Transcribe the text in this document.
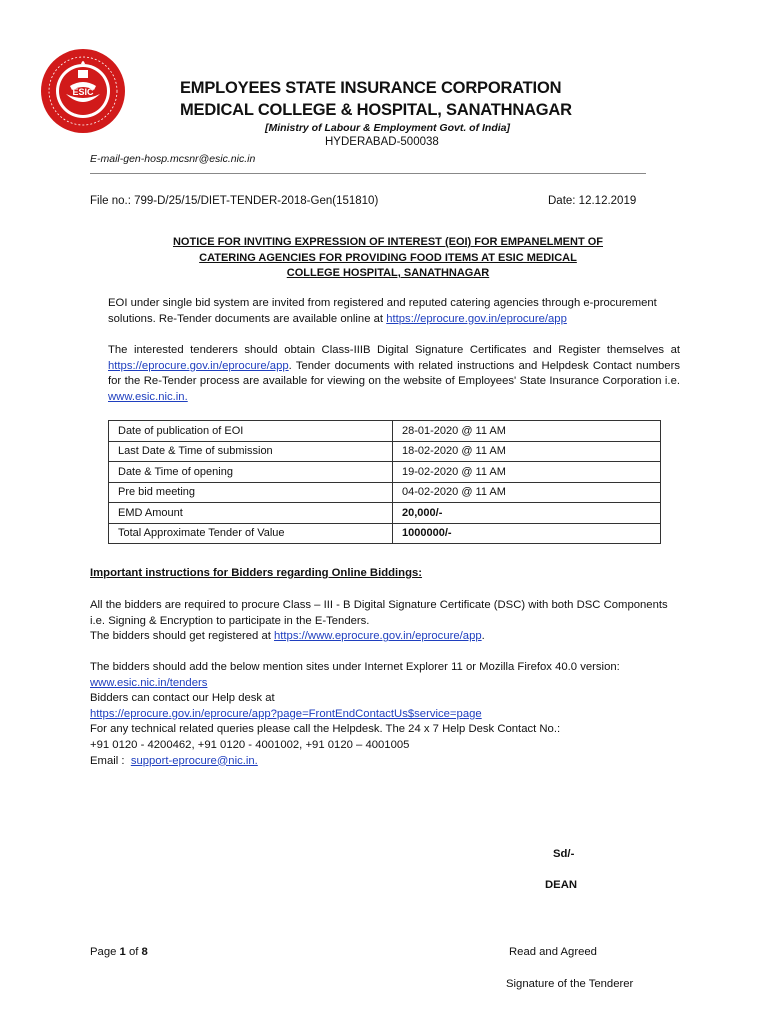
ESIC	EMPLOYEES STATE INSURANCE CORPORATION
MEDICAL COLLEGE & HOSPITAL, SANATHNAGAR
[Ministry of Labour & Employment Govt. of India]
HYDERABAD-500038
E-mail-gen-hosp.mcsnr@esic.nic.in
File no.: 799-D/25/15/DIET-TENDER-2018-Gen(151810)	Date: 12.12.2019
NOTICE FOR INVITING EXPRESSION OF INTEREST (EOI) FOR EMPANELMENT OF
CATERING AGENCIES FOR PROVIDING FOOD ITEMS AT ESIC MEDICAL
COLLEGE HOSPITAL, SANATHNAGAR
EOI under single bid system are invited from registered and reputed catering agencies through e-procurement solutions. Re-Tender documents are available online at https://eprocure.gov.in/eprocure/app
The interested tenderers should obtain Class-IIIB Digital Signature Certificates and Register themselves at https://eprocure.gov.in/eprocure/app. Tender documents with related instructions and Helpdesk Contact numbers for the Re-Tender process are available for viewing on the website of Employees' State Insurance Corporation i.e. www.esic.nic.in.
Date of publication of EOI	28-01-2020 @ 11 AM
Last Date & Time of submission	18-02-2020 @ 11 AM
Date & Time of opening	19-02-2020 @ 11 AM
Pre bid meeting	04-02-2020 @ 11 AM
EMD Amount	20,000/-
Total Approximate Tender of Value	1000000/-
Important instructions for Bidders regarding Online Biddings:
All the bidders are required to procure Class – III - B Digital Signature Certificate (DSC) with both DSC Components
i.e. Signing & Encryption to participate in the E-Tenders.
The bidders should get registered at https://www.eprocure.gov.in/eprocure/app.
The bidders should add the below mention sites under Internet Explorer 11 or Mozilla Firefox 40.0 version:
www.esic.nic.in/tenders
Bidders can contact our Help desk at
https://eprocure.gov.in/eprocure/app?page=FrontEndContactUs$service=page
For any technical related queries please call the Helpdesk. The 24 x 7 Help Desk Contact No.:
+91 0120 - 4200462, +91 0120 - 4001002, +91 0120 – 4001005
Email :  support-eprocure@nic.in.
Sd/-
DEAN
Page 1 of 8	Read and Agreed
Signature of the Tenderer
